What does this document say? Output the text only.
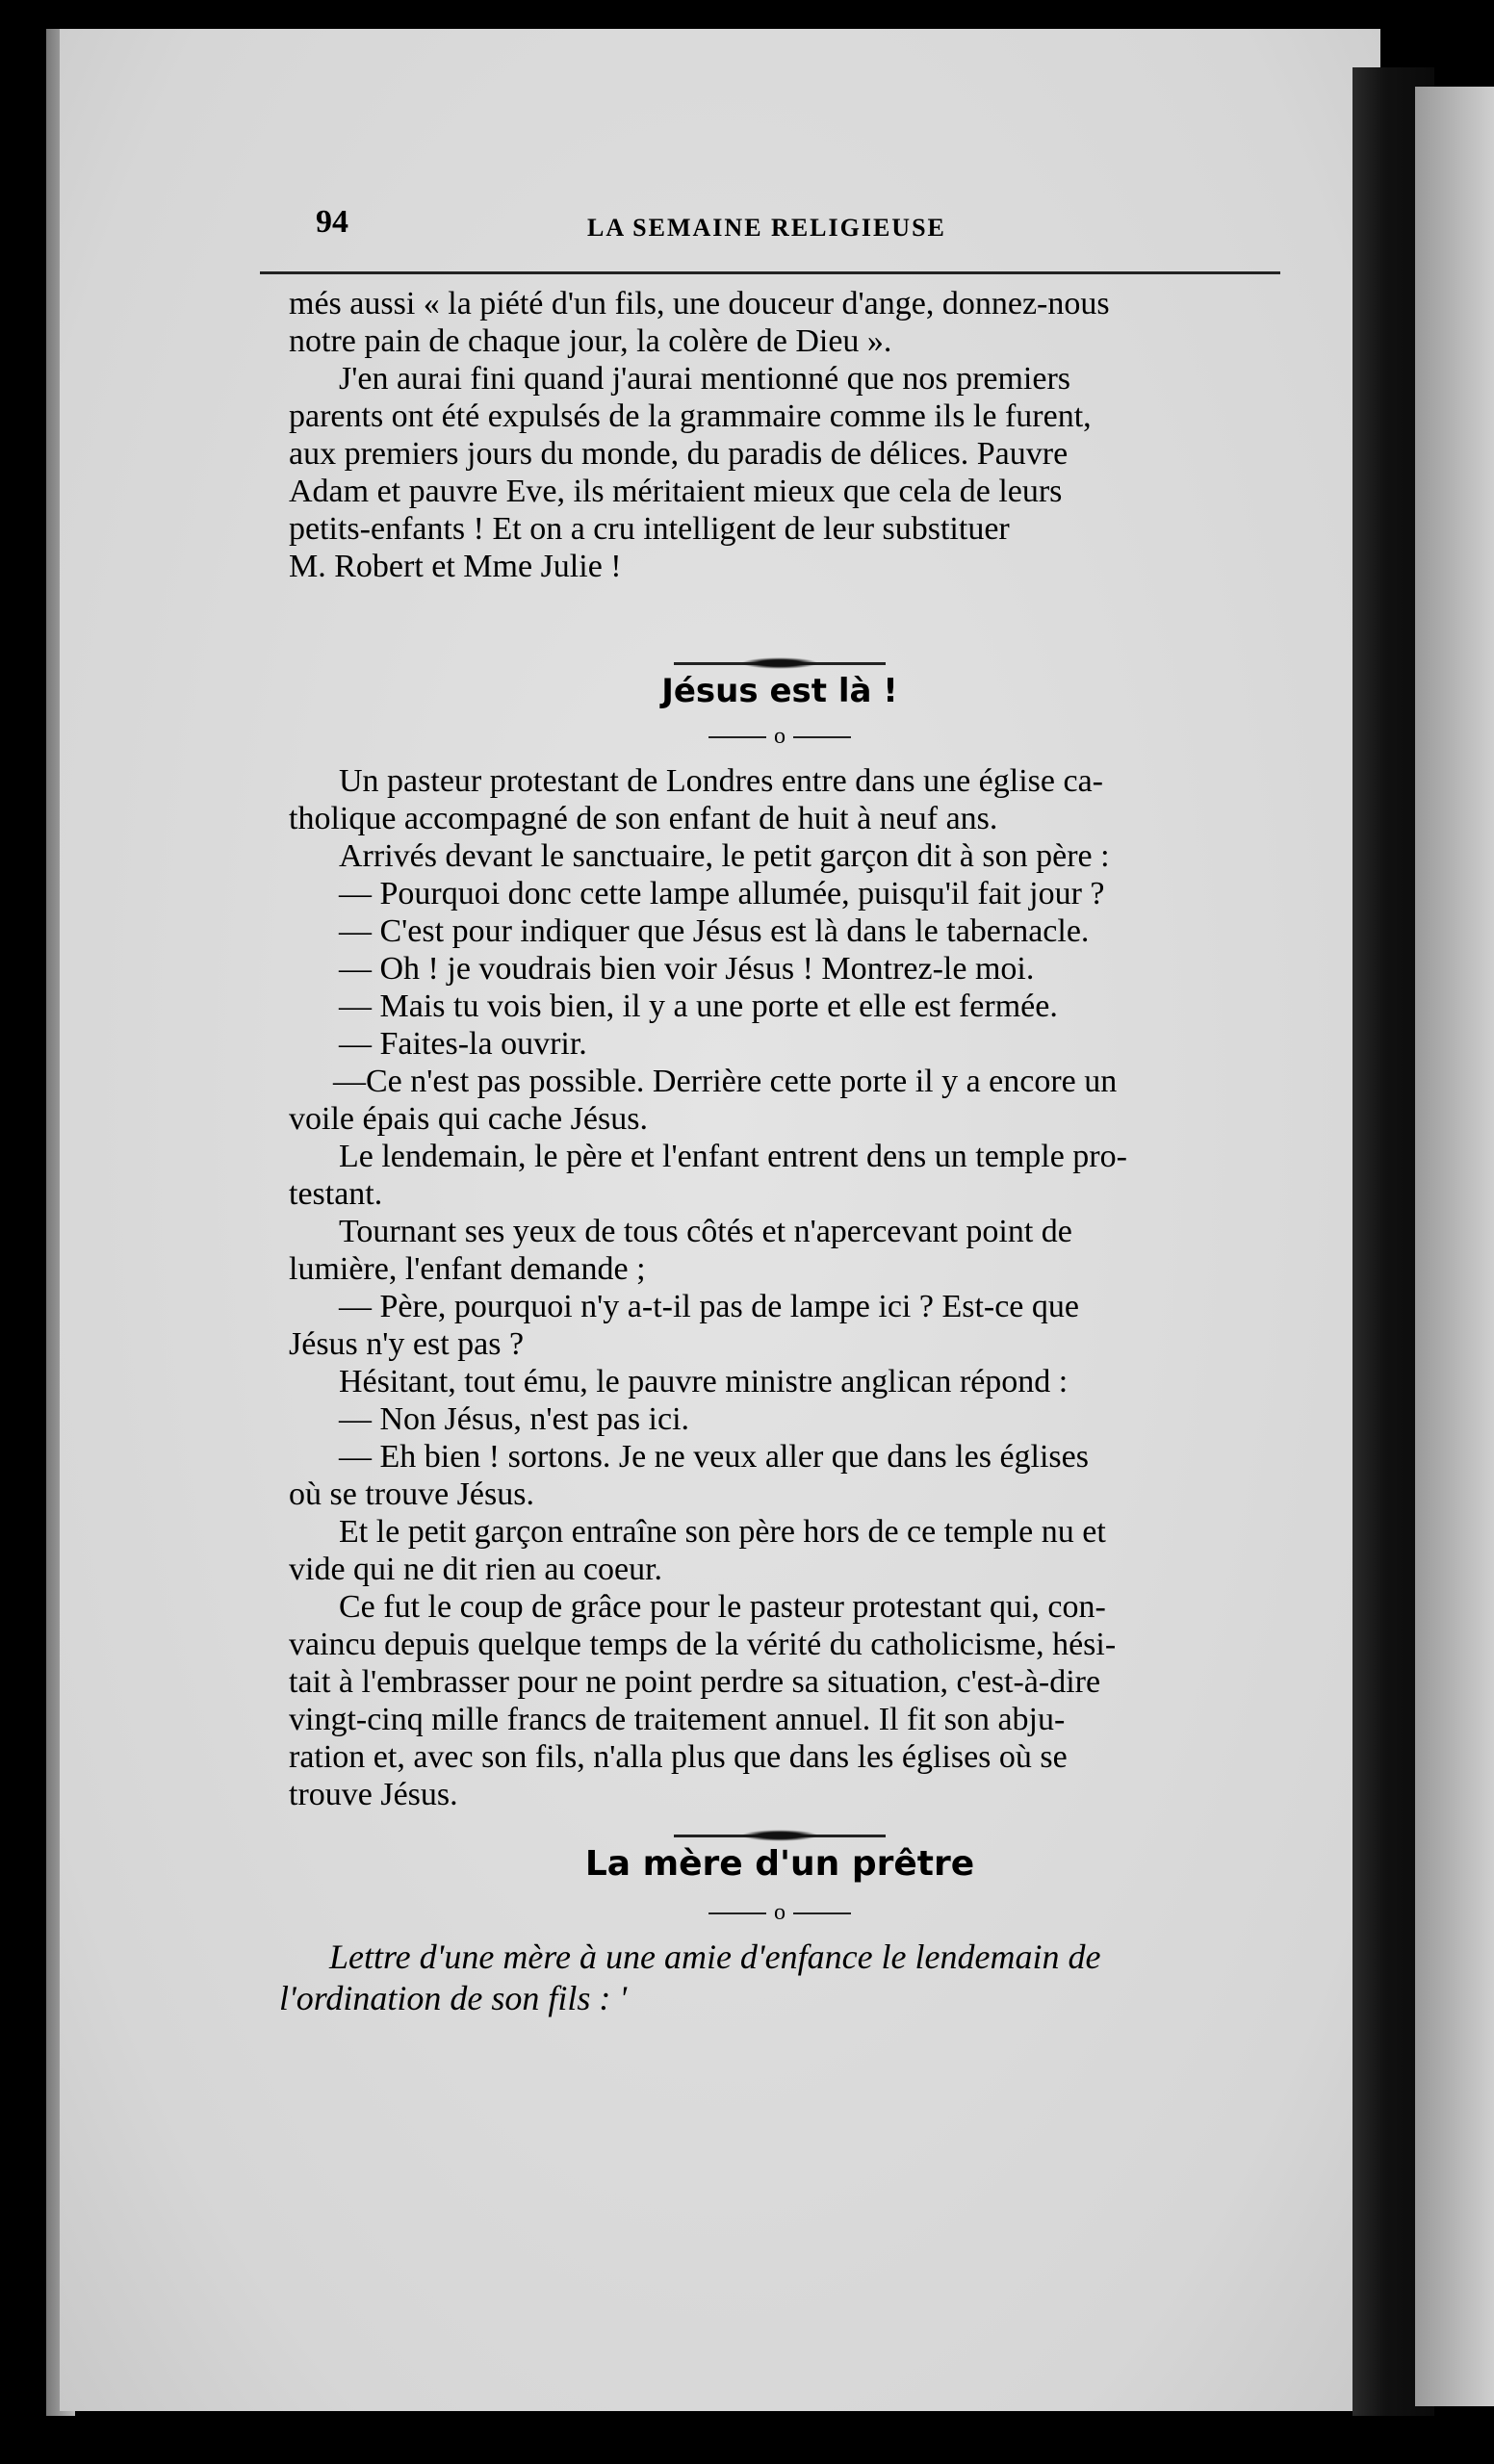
94	LA SEMAINE RELIGIEUSE
més aussi « la piété d'un fils, une douceur d'ange, donnez-nous
notre pain de chaque jour, la colère de Dieu ».
J'en aurai fini quand j'aurai mentionné que nos premiers
parents ont été expulsés de la grammaire comme ils le furent,
aux premiers jours du monde, du paradis de délices. Pauvre
Adam et pauvre Eve, ils méritaient mieux que cela de leurs
petits-enfants ! Et on a cru intelligent de leur substituer
M. Robert et Mme Julie !
Jésus est là !
o
Un pasteur protestant de Londres entre dans une église ca-
tholique accompagné de son enfant de huit à neuf ans.
Arrivés devant le sanctuaire, le petit garçon dit à son père :
— Pourquoi donc cette lampe allumée, puisqu'il fait jour ?
— C'est pour indiquer que Jésus est là dans le tabernacle.
— Oh ! je voudrais bien voir Jésus ! Montrez-le moi.
— Mais tu vois bien, il y a une porte et elle est fermée.
— Faites-la ouvrir.
—Ce n'est pas possible. Derrière cette porte il y a encore un
voile épais qui cache Jésus.
Le lendemain, le père et l'enfant entrent dens un temple pro-
testant.
Tournant ses yeux de tous côtés et n'apercevant point de
lumière, l'enfant demande ;
— Père, pourquoi n'y a-t-il pas de lampe ici ? Est-ce que
Jésus n'y est pas ?
Hésitant, tout ému, le pauvre ministre anglican répond :
— Non Jésus, n'est pas ici.
— Eh bien ! sortons. Je ne veux aller que dans les églises
où se trouve Jésus.
Et le petit garçon entraîne son père hors de ce temple nu et
vide qui ne dit rien au coeur.
Ce fut le coup de grâce pour le pasteur protestant qui, con-
vaincu depuis quelque temps de la vérité du catholicisme, hési-
tait à l'embrasser pour ne point perdre sa situation, c'est-à-dire
vingt-cinq mille francs de traitement annuel. Il fit son abju-
ration et, avec son fils, n'alla plus que dans les églises où se
trouve Jésus.
La mère d'un prêtre
o
Lettre d'une mère à une amie d'enfance le lendemain de
l'ordination de son fils : '
